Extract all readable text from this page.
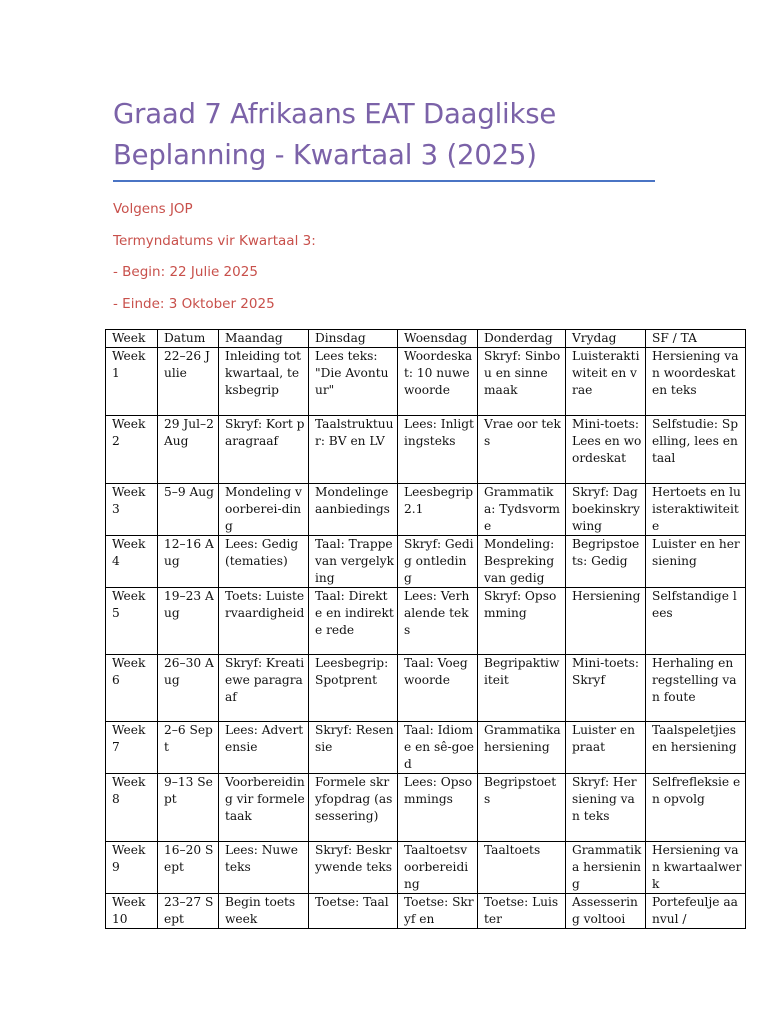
Graad 7 Afrikaans EAT Daaglikse Beplanning - Kwartaal 3 (2025)

Volgens JOP

Termyndatums vir Kwartaal 3:

- Begin: 22 Julie 2025

- Einde: 3 Oktober 2025

Week	Datum	Maandag	Dinsdag	Woensdag	Donderdag	Vrydag	SF / TA
Week 1	22–26 Julie	Inleiding tot kwartaal, teksbegrip	Lees teks: "Die Avontuur"	Woordeskat: 10 nuwe woorde	Skryf: Sinbou en sinne maak	Luisteraktiwiteit en vrae	Hersiening van woordeskat en teks
Week 2	29 Jul–2 Aug	Skryf: Kort paragraaf	Taalstruktuur: BV en LV	Lees: Inligtingsteks	Vrae oor teks	Mini-toets: Lees en woordeskat	Selfstudie: Spelling, lees en taal
Week 3	5–9 Aug	Mondeling voorberei-ding	Mondelinge aanbiedings	Leesbegrip 2.1	Grammatika: Tydsvorme	Skryf: Dagboekinskrywing	Hertoets en luisteraktiwiteite
Week 4	12–16 Aug	Lees: Gedig (tematies)	Taal: Trappe van vergelyking	Skryf: Gedig ontleding	Mondeling: Bespreking van gedig	Begripstoets: Gedig	Luister en hersiening
Week 5	19–23 Aug	Toets: Luistervaardigheid	Taal: Direkte en indirekte rede	Lees: Verhalende teks	Skryf: Opsomming	Hersiening	Selfstandige lees
Week 6	26–30 Aug	Skryf: Kreatiewe paragraaf	Leesbegrip: Spotprent	Taal: Voegwoorde	Begripaktiwiteit	Mini-toets: Skryf	Herhaling en regstelling van foute
Week 7	2–6 Sept	Lees: Advertensie	Skryf: Resensie	Taal: Idiome en sê-goed	Grammatika hersiening	Luister en praat	Taalspeletjies en hersiening
Week 8	9–13 Sept	Voorbereiding vir formele taak	Formele skryfopdrag (assessering)	Lees: Opsommings	Begripstoets	Skryf: Hersiening van teks	Selfrefleksie en opvolg
Week 9	16–20 Sept	Lees: Nuwe teks	Skryf: Beskrywende teks	Taaltoetsvoorbereiding	Taaltoets	Grammatika hersiening	Hersiening van kwartaalwerk
Week 10	23–27 Sept	Begin toetsweek	Toetse: Taal	Toetse: Skryf en	Toetse: Luister	Assessering voltooi	Portefeulje aanvul /
